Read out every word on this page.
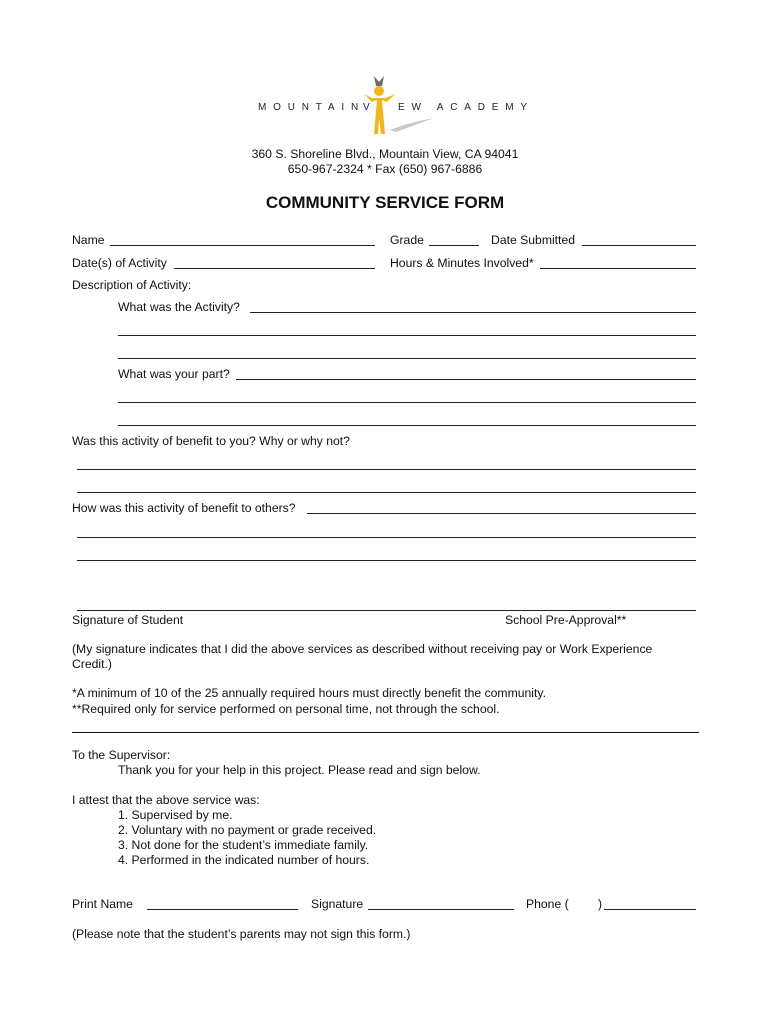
MOUNTAIN
V EW ACADEMY
360 S. Shoreline Blvd., Mountain View, CA 94041
650-967-2324 * Fax (650) 967-6886
COMMUNITY SERVICE FORM
Name	Grade	Date Submitted
Date(s) of Activity	Hours & Minutes Involved*
Description of Activity:
What was the Activity?
What was your part?
Was this activity of benefit to you? Why or why not?
How was this activity of benefit to others?
Signature of Student	School Pre-Approval**
(My signature indicates that I did the above services as described without receiving pay or Work Experience
Credit.)
*A minimum of 10 of the 25 annually required hours must directly benefit the community.
**Required only for service performed on personal time, not through the school.
To the Supervisor:
Thank you for your help in this project. Please read and sign below.
I attest that the above service was:
1. Supervised by me.
2. Voluntary with no payment or grade received.
3. Not done for the student’s immediate family.
4. Performed in the indicated number of hours.
Print Name	Signature	Phone ( )
(Please note that the student’s parents may not sign this form.)
